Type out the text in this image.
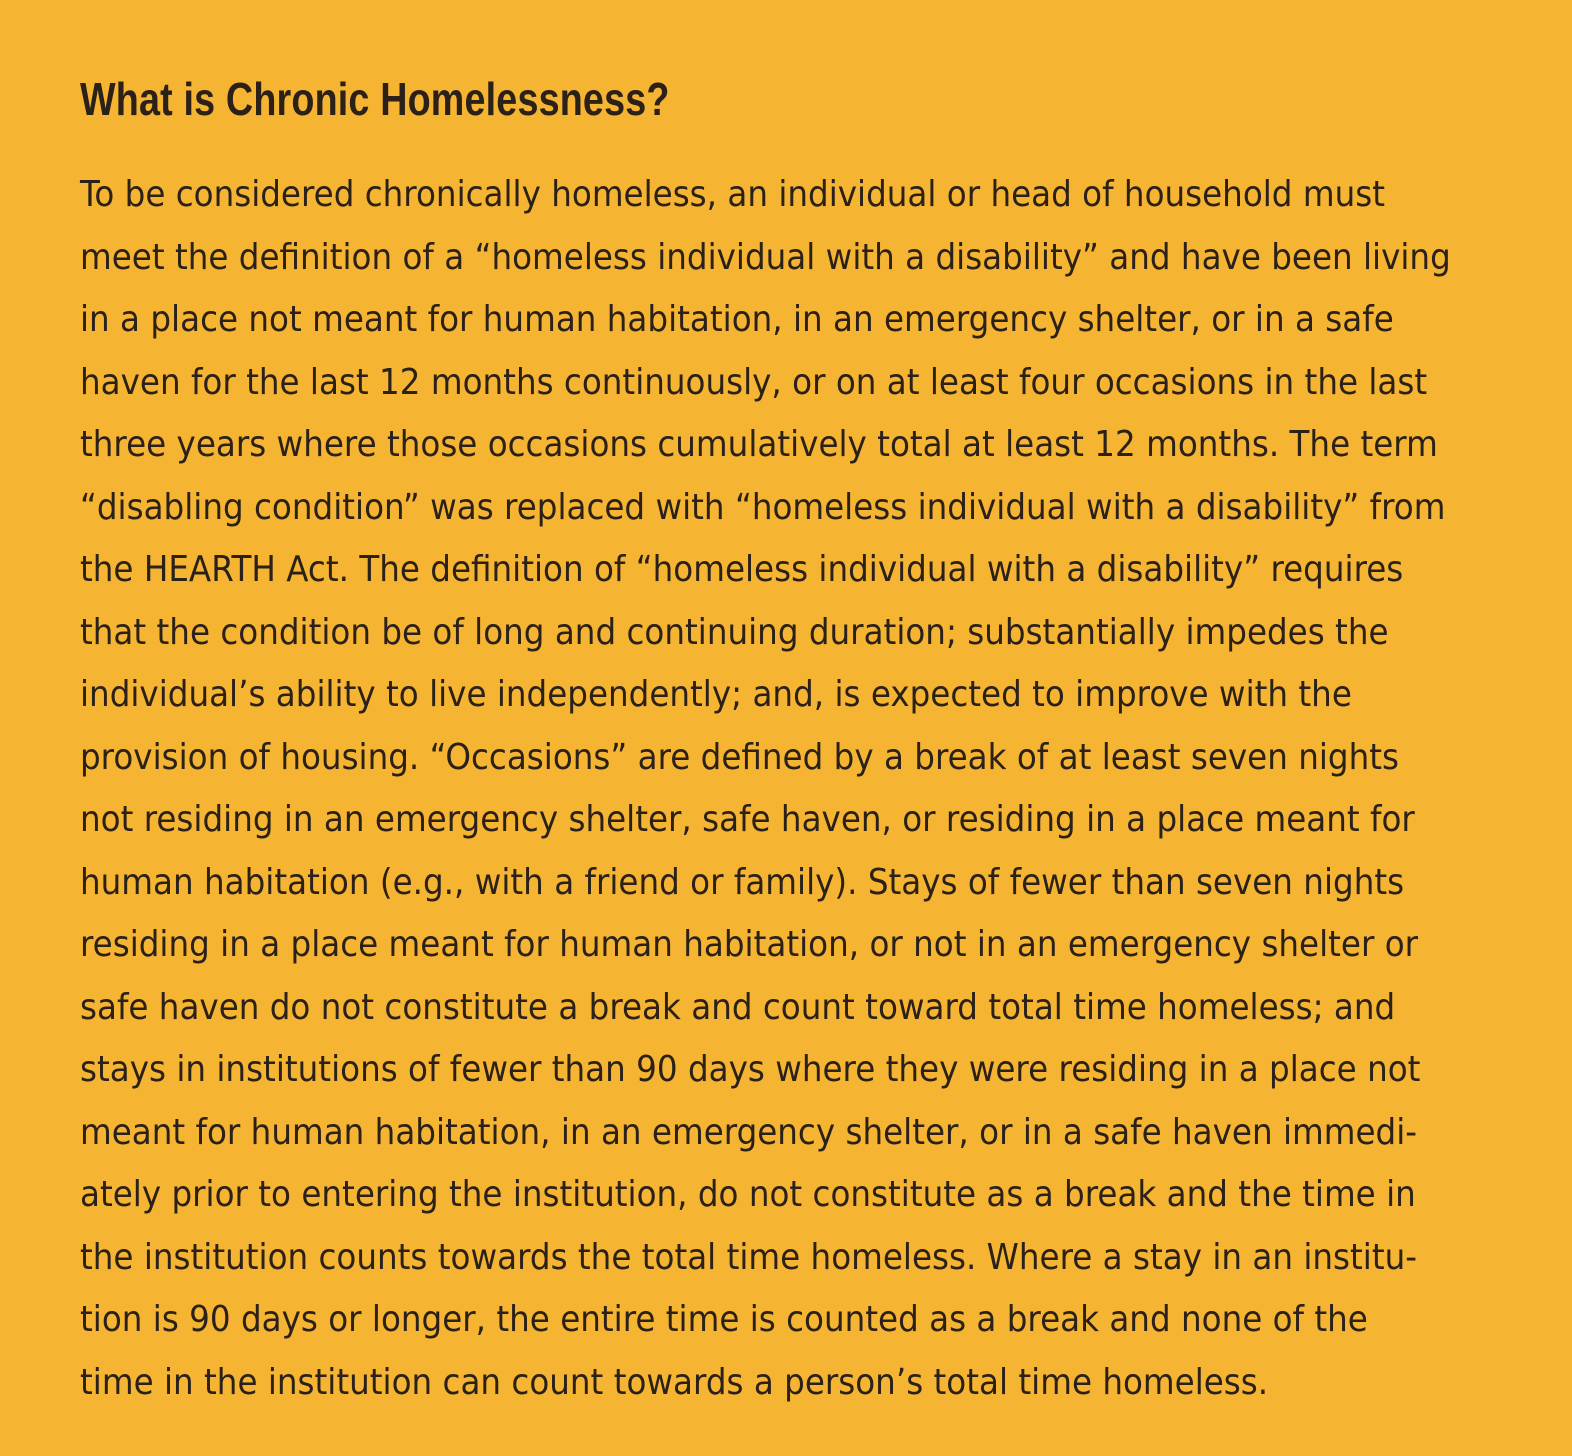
What is Chronic Homelessness?
To be considered chronically homeless, an individual or head of household must
meet the definition of a “homeless individual with a disability” and have been living
in a place not meant for human habitation, in an emergency shelter, or in a safe
haven for the last 12 months continuously, or on at least four occasions in the last
three years where those occasions cumulatively total at least 12 months. The term
“disabling condition” was replaced with “homeless individual with a disability” from
the HEARTH Act. The definition of “homeless individual with a disability” requires
that the condition be of long and continuing duration; substantially impedes the
individual’s ability to live independently; and, is expected to improve with the
provision of housing. “Occasions” are defined by a break of at least seven nights
not residing in an emergency shelter, safe haven, or residing in a place meant for
human habitation (e.g., with a friend or family). Stays of fewer than seven nights
residing in a place meant for human habitation, or not in an emergency shelter or
safe haven do not constitute a break and count toward total time homeless; and
stays in institutions of fewer than 90 days where they were residing in a place not
meant for human habitation, in an emergency shelter, or in a safe haven immedi-
ately prior to entering the institution, do not constitute as a break and the time in
the institution counts towards the total time homeless. Where a stay in an institu-
tion is 90 days or longer, the entire time is counted as a break and none of the
time in the institution can count towards a person’s total time homeless.
